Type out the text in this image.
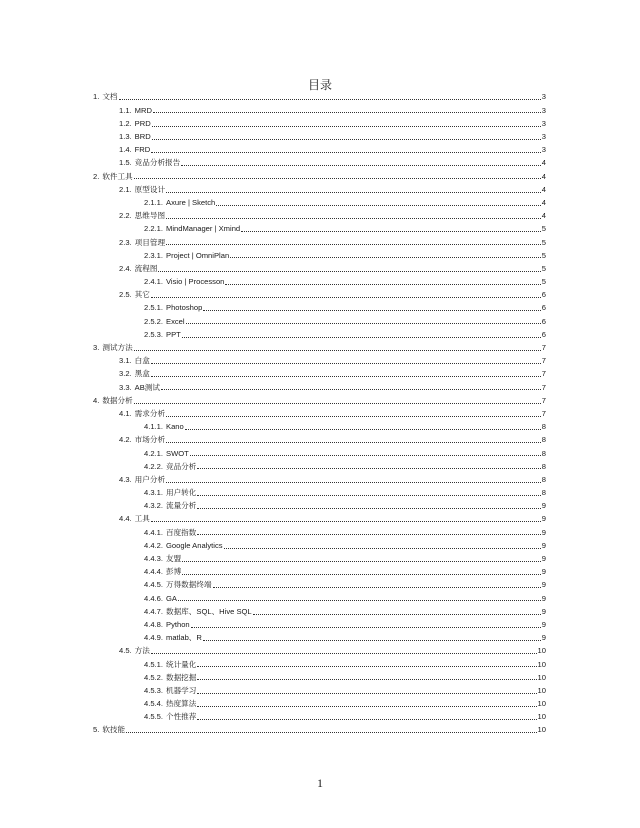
目录
1. 文档	3
1.1. MRD	3
1.2. PRD	3
1.3. BRD	3
1.4. FRD	3
1.5. 竞品分析报告	4
2. 软件工具	4
2.1. 原型设计	4
2.1.1. Axure | Sketch	4
2.2. 思维导图	4
2.2.1. MindManager | Xmind	5
2.3. 项目管理	5
2.3.1. Project | OmniPlan	5
2.4. 流程图	5
2.4.1. Visio | Processon	5
2.5. 其它	6
2.5.1. Photoshop	6
2.5.2. Excel	6
2.5.3. PPT	6
3. 测试方法	7
3.1. 白盒	7
3.2. 黑盒	7
3.3. AB测试	7
4. 数据分析	7
4.1. 需求分析	7
4.1.1. Kano	8
4.2. 市场分析	8
4.2.1. SWOT	8
4.2.2. 竞品分析	8
4.3. 用户分析	8
4.3.1. 用户转化	8
4.3.2. 流量分析	9
4.4. 工具	9
4.4.1. 百度指数	9
4.4.2. Google Analytics	9
4.4.3. 友盟	9
4.4.4. 彭博	9
4.4.5. 万得数据终端	9
4.4.6. GA	9
4.4.7. 数据库、SQL、Hive SQL	9
4.4.8. Python	9
4.4.9. matlab、R	9
4.5. 方法	10
4.5.1. 统计量化	10
4.5.2. 数据挖掘	10
4.5.3. 机器学习	10
4.5.4. 热度算法	10
4.5.5. 个性推荐	10
5. 软技能	10
1
